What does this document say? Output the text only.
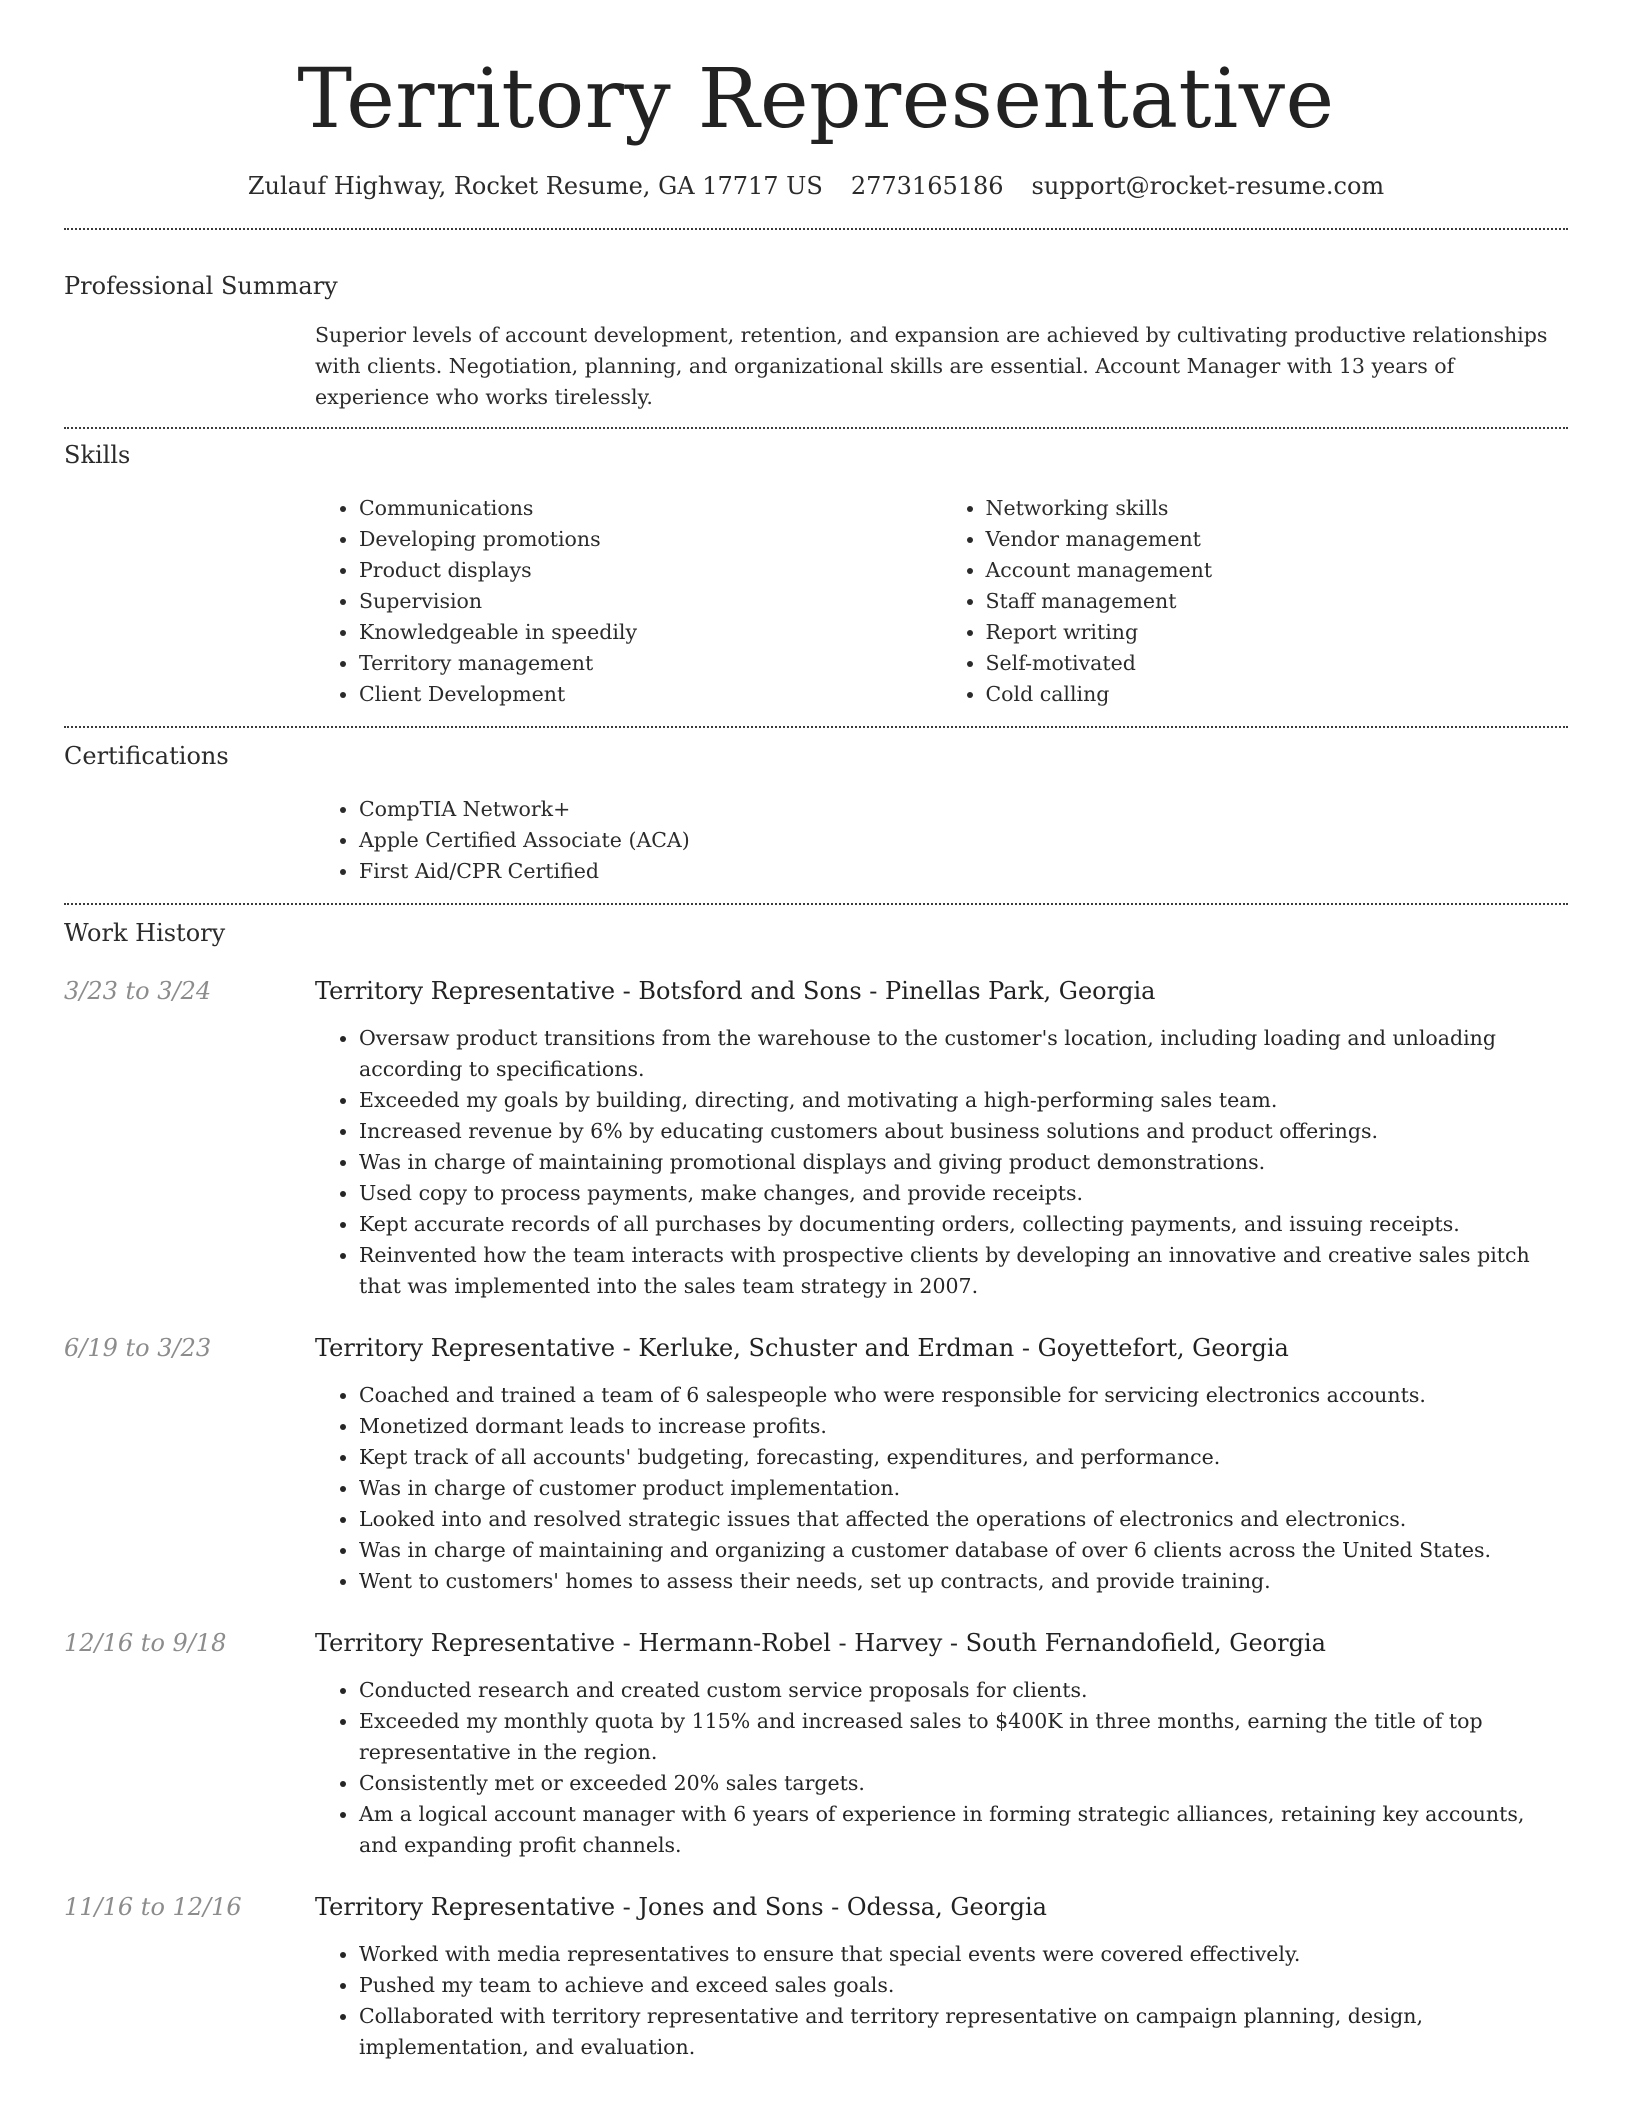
Territory Representative
Zulauf Highway, Rocket Resume, GA 17717 US 2773165186 support@rocket-resume.com
Professional Summary

Superior levels of account development, retention, and expansion are achieved by cultivating productive relationships with clients. Negotiation, planning, and organizational skills are essential. Account Manager with 13 years of experience who works tirelessly.

Skills
• Communications
• Developing promotions
• Product displays
• Supervision
• Knowledgeable in speedily
• Territory management
• Client Development
• Networking skills
• Vendor management
• Account management
• Staff management
• Report writing
• Self-motivated
• Cold calling
Certifications
• CompTIA Network+
• Apple Certified Associate (ACA)
• First Aid/CPR Certified
Work History
3/23 to 3/24	Territory Representative - Botsford and Sons - Pinellas Park, Georgia
• Oversaw product transitions from the warehouse to the customer's location, including loading and unloading according to specifications.
• Exceeded my goals by building, directing, and motivating a high-performing sales team.
• Increased revenue by 6% by educating customers about business solutions and product offerings.
• Was in charge of maintaining promotional displays and giving product demonstrations.
• Used copy to process payments, make changes, and provide receipts.
• Kept accurate records of all purchases by documenting orders, collecting payments, and issuing receipts.
• Reinvented how the team interacts with prospective clients by developing an innovative and creative sales pitch that was implemented into the sales team strategy in 2007.
6/19 to 3/23	Territory Representative - Kerluke, Schuster and Erdman - Goyettefort, Georgia
• Coached and trained a team of 6 salespeople who were responsible for servicing electronics accounts.
• Monetized dormant leads to increase profits.
• Kept track of all accounts' budgeting, forecasting, expenditures, and performance.
• Was in charge of customer product implementation.
• Looked into and resolved strategic issues that affected the operations of electronics and electronics.
• Was in charge of maintaining and organizing a customer database of over 6 clients across the United States.
• Went to customers' homes to assess their needs, set up contracts, and provide training.
12/16 to 9/18	Territory Representative - Hermann-Robel - Harvey - South Fernandofield, Georgia
• Conducted research and created custom service proposals for clients.
• Exceeded my monthly quota by 115% and increased sales to $400K in three months, earning the title of top representative in the region.
• Consistently met or exceeded 20% sales targets.
• Am a logical account manager with 6 years of experience in forming strategic alliances, retaining key accounts, and expanding profit channels.
11/16 to 12/16	Territory Representative - Jones and Sons - Odessa, Georgia
• Worked with media representatives to ensure that special events were covered effectively.
• Pushed my team to achieve and exceed sales goals.
• Collaborated with territory representative and territory representative on campaign planning, design, implementation, and evaluation.
